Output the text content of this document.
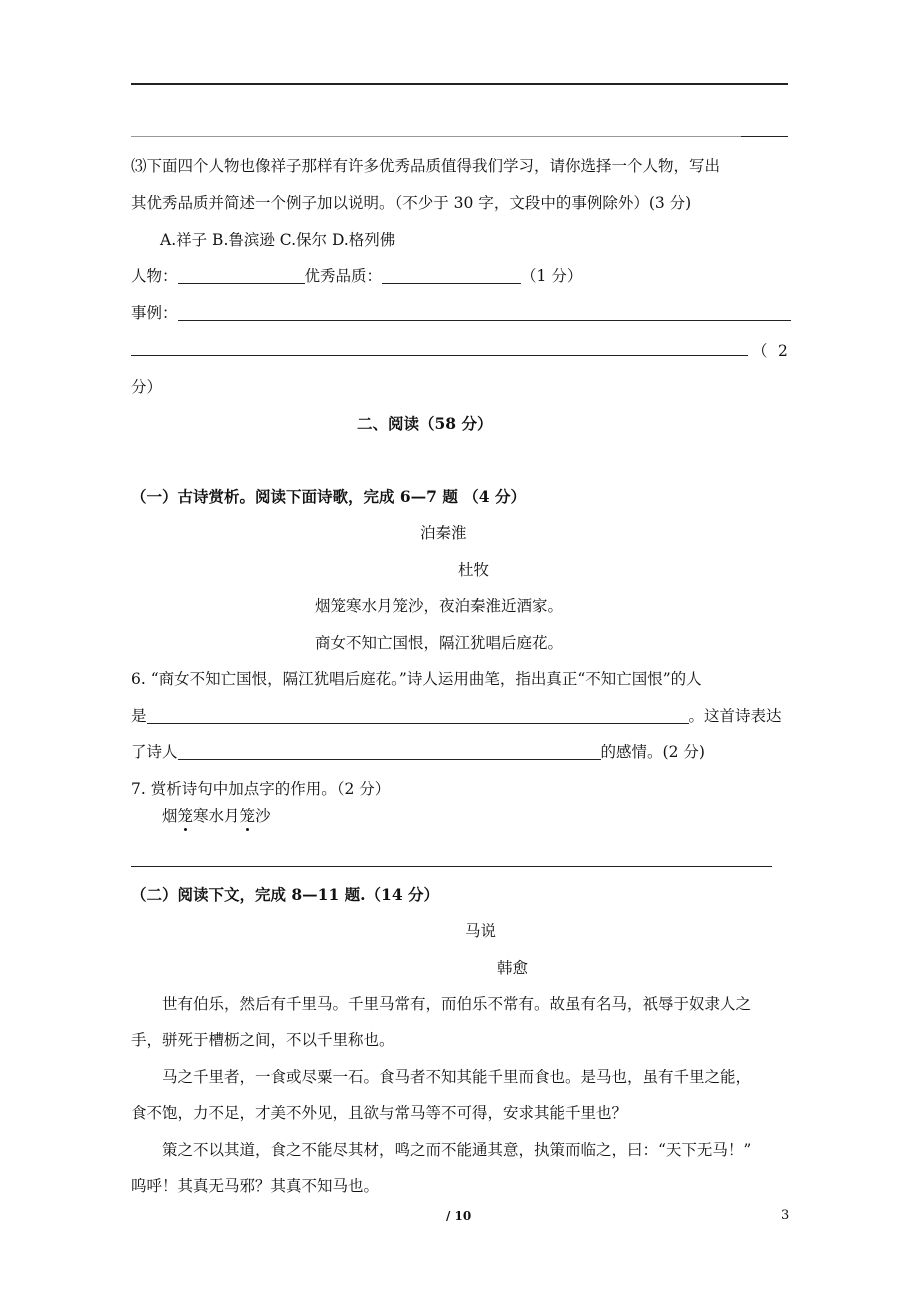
⑶下面四个人物也像祥子那样有许多优秀品质值得我们学习，请你选择一个人物，写出
其优秀品质并简述一个例子加以说明。（不少于 30 字，文段中的事例除外）(3 分)
A.祥子 B.鲁滨逊 C.保尔 D.格列佛
人物：	优秀品质：	（1 分）
事例：
（ 2
分）
二、阅读（58 分）
（一）古诗赏析。阅读下面诗歌，完成 6—7 题 （4 分）
泊秦淮
杜牧
烟笼寒水月笼沙，夜泊秦淮近酒家。
商女不知亡国恨，隔江犹唱后庭花。
6. “商女不知亡国恨，隔江犹唱后庭花。”诗人运用曲笔，指出真正“不知亡国恨”的人
是	。这首诗表达
了诗人	的感情。(2 分)
7. 赏析诗句中加点字的作用。（2 分）
烟笼寒水月笼沙
（二）阅读下文，完成 8—11 题.（14 分）
马说
韩愈
世有伯乐，然后有千里马。千里马常有，而伯乐不常有。故虽有名马，祇辱于奴隶人之
手，骈死于槽枥之间，不以千里称也。
马之千里者，一食或尽粟一石。食马者不知其能千里而食也。是马也，虽有千里之能，
食不饱，力不足，才美不外见，且欲与常马等不可得，安求其能千里也？
策之不以其道，食之不能尽其材，鸣之而不能通其意，执策而临之，曰：“天下无马！”
呜呼！其真无马邪？其真不知马也。
/ 10	3
